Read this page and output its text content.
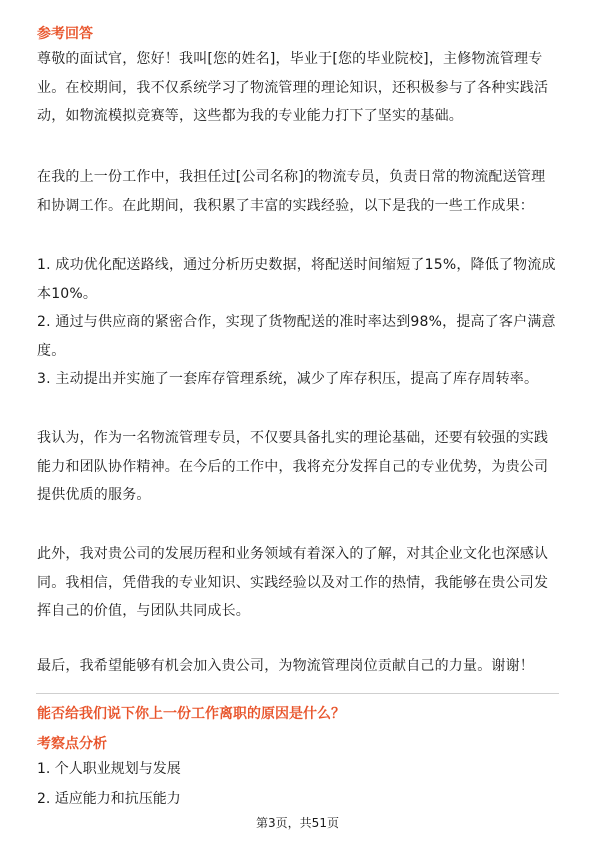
参考回答

尊敬的面试官，您好！我叫[您的姓名]，毕业于[您的毕业院校]，主修物流管理专业。在校期间，我不仅系统学习了物流管理的理论知识，还积极参与了各种实践活动，如物流模拟竞赛等，这些都为我的专业能力打下了坚实的基础。

在我的上一份工作中，我担任过[公司名称]的物流专员，负责日常的物流配送管理和协调工作。在此期间，我积累了丰富的实践经验，以下是我的一些工作成果：

1. 成功优化配送路线，通过分析历史数据，将配送时间缩短了15%，降低了物流成本10%。
2. 通过与供应商的紧密合作，实现了货物配送的准时率达到98%，提高了客户满意度。
3. 主动提出并实施了一套库存管理系统，减少了库存积压，提高了库存周转率。

我认为，作为一名物流管理专员，不仅要具备扎实的理论基础，还要有较强的实践能力和团队协作精神。在今后的工作中，我将充分发挥自己的专业优势，为贵公司提供优质的服务。

此外，我对贵公司的发展历程和业务领域有着深入的了解，对其企业文化也深感认同。我相信，凭借我的专业知识、实践经验以及对工作的热情，我能够在贵公司发挥自己的价值，与团队共同成长。

最后，我希望能够有机会加入贵公司，为物流管理岗位贡献自己的力量。谢谢！

能否给我们说下你上一份工作离职的原因是什么？
考察点分析

1. 个人职业规划与发展

2. 适应能力和抗压能力

第3页，共51页
